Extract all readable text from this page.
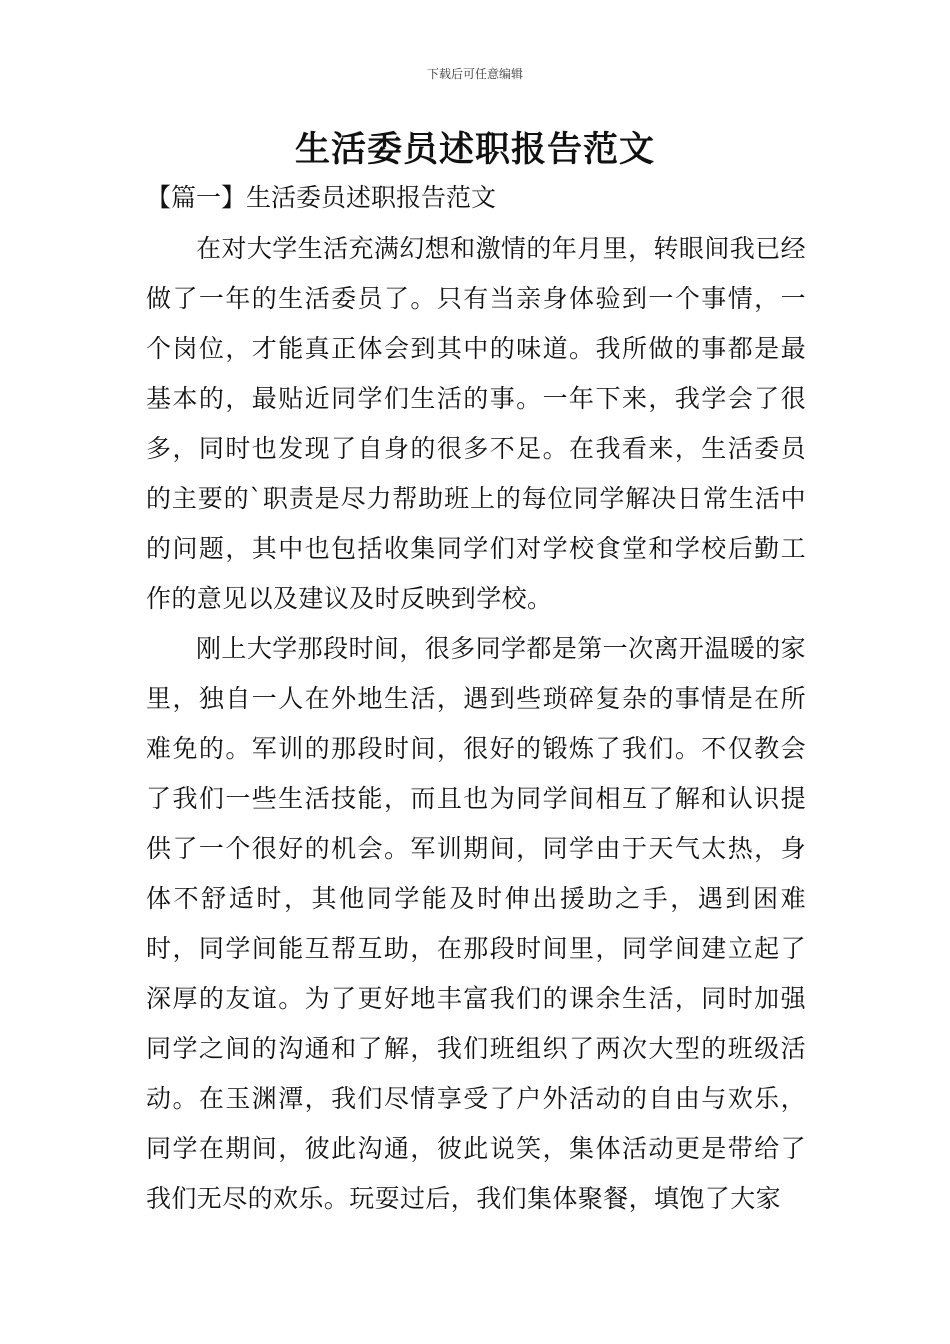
下载后可任意编辑
生活委员述职报告范文
【篇一】生活委员述职报告范文

在对大学生活充满幻想和激情的年月里，转眼间我已经做了一年的生活委员了。只有当亲身体验到一个事情，一个岗位，才能真正体会到其中的味道。我所做的事都是最基本的，最贴近同学们生活的事。一年下来，我学会了很多，同时也发现了自身的很多不足。在我看来，生活委员的主要的`职责是尽力帮助班上的每位同学解决日常生活中的问题，其中也包括收集同学们对学校食堂和学校后勤工作的意见以及建议及时反映到学校。

刚上大学那段时间，很多同学都是第一次离开温暖的家里，独自一人在外地生活，遇到些琐碎复杂的事情是在所难免的。军训的那段时间，很好的锻炼了我们。不仅教会了我们一些生活技能，而且也为同学间相互了解和认识提供了一个很好的机会。军训期间，同学由于天气太热，身体不舒适时，其他同学能及时伸出援助之手，遇到困难时，同学间能互帮互助，在那段时间里，同学间建立起了深厚的友谊。为了更好地丰富我们的课余生活，同时加强同学之间的沟通和了解，我们班组织了两次大型的班级活动。在玉渊潭，我们尽情享受了户外活动的自由与欢乐，同学在期间，彼此沟通，彼此说笑，集体活动更是带给了我们无尽的欢乐。玩耍过后，我们集体聚餐，填饱了大家
